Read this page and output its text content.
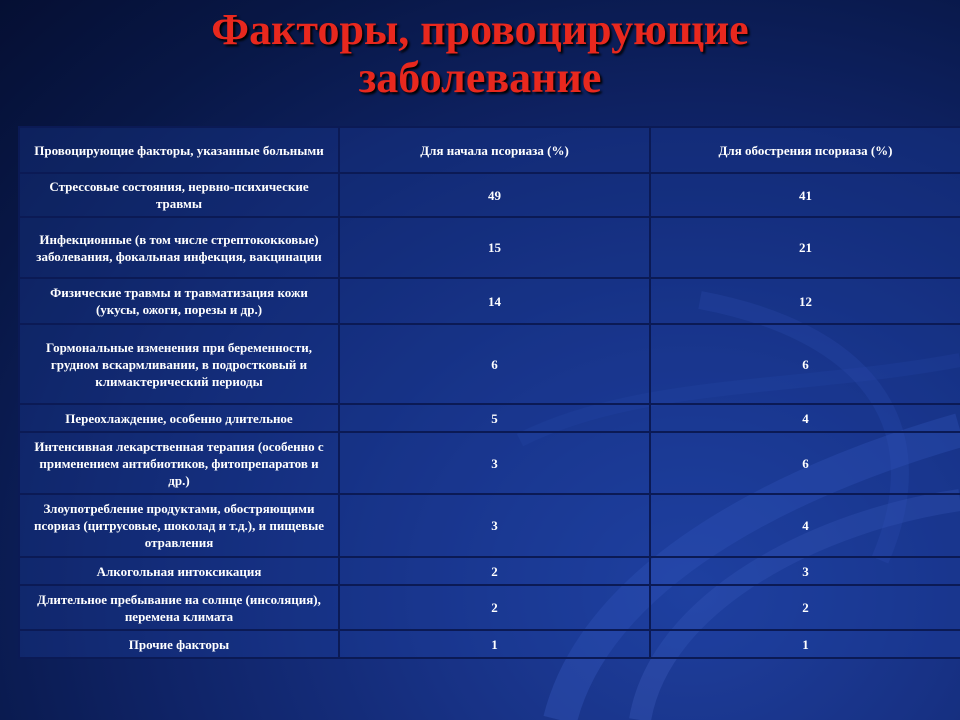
Факторы, провоцирующие
заболевание
Провоцирующие факторы, указанные больными	Для начала псориаза (%)	Для обострения псориаза (%)
Стрессовые состояния, нервно-психические травмы	49	41
Инфекционные (в том числе стрептококковые) заболевания, фокальная инфекция, вакцинации	15	21
Физические травмы и травматизация кожи (укусы, ожоги, порезы и др.)	14	12
Гормональные изменения при беременности, грудном вскармливании, в подростковый и климактерический периоды	6	6
Переохлаждение, особенно длительное	5	4
Интенсивная лекарственная терапия (особенно с применением антибиотиков, фитопрепаратов и др.)	3	6
Злоупотребление продуктами, обостряющими псориаз (цитрусовые, шоколад и т.д.), и пищевые отравления	3	4
Алкогольная интоксикация	2	3
Длительное пребывание на солнце (инсоляция), перемена климата	2	2
Прочие факторы	1	1
